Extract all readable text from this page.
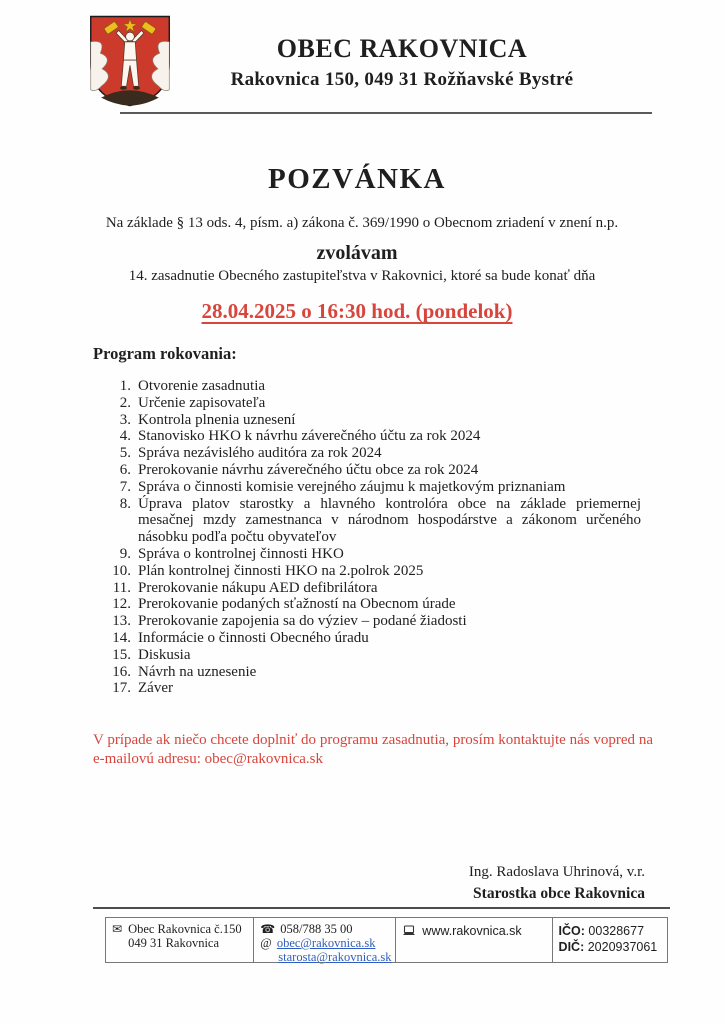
OBEC RAKOVNICA
Rakovnica 150, 049 31 Rožňavské Bystré
POZVÁNKA
Na základe § 13 ods. 4, písm. a) zákona č. 369/1990 o Obecnom zriadení v znení n.p.
zvolávam
14. zasadnutie Obecného zastupiteľstva v Rakovnici, ktoré sa bude konať dňa
28.04.2025 o 16:30 hod. (pondelok)
Program rokovania:
1. Otvorenie zasadnutia
2. Určenie zapisovateľa
3. Kontrola plnenia uznesení
4. Stanovisko HKO k návrhu záverečného účtu za rok 2024
5. Správa nezávislého auditóra za rok 2024
6. Prerokovanie návrhu záverečného účtu obce za rok 2024
7. Správa o činnosti komisie verejného záujmu k majetkovým priznaniam
8. Úprava platov starostky a hlavného kontrolóra obce na základe priemernej mesačnej mzdy zamestnanca v národnom hospodárstve a zákonom určeného násobku podľa počtu obyvateľov
9. Správa o kontrolnej činnosti HKO
10. Plán kontrolnej činnosti HKO na 2.polrok 2025
11. Prerokovanie nákupu AED defibrilátora
12. Prerokovanie podaných sťažností na Obecnom úrade
13. Prerokovanie zapojenia sa do výziev – podané žiadosti
14. Informácie o činnosti Obecného úradu
15. Diskusia
16. Návrh na uznesenie
17. Záver
V prípade ak niečo chcete doplniť do programu zasadnutia, prosím kontaktujte nás vopred na e-mailovú adresu: obec@rakovnica.sk
Ing. Radoslava Uhrinová, v.r.
Starostka obce Rakovnica
✉ Obec Rakovnica č.150
049 31 Rakovnica
☎ 058/788 35 00
@ obec@rakovnica.sk
starosta@rakovnica.sk
www.rakovnica.sk	IČO: 00328677
DIČ: 2020937061
